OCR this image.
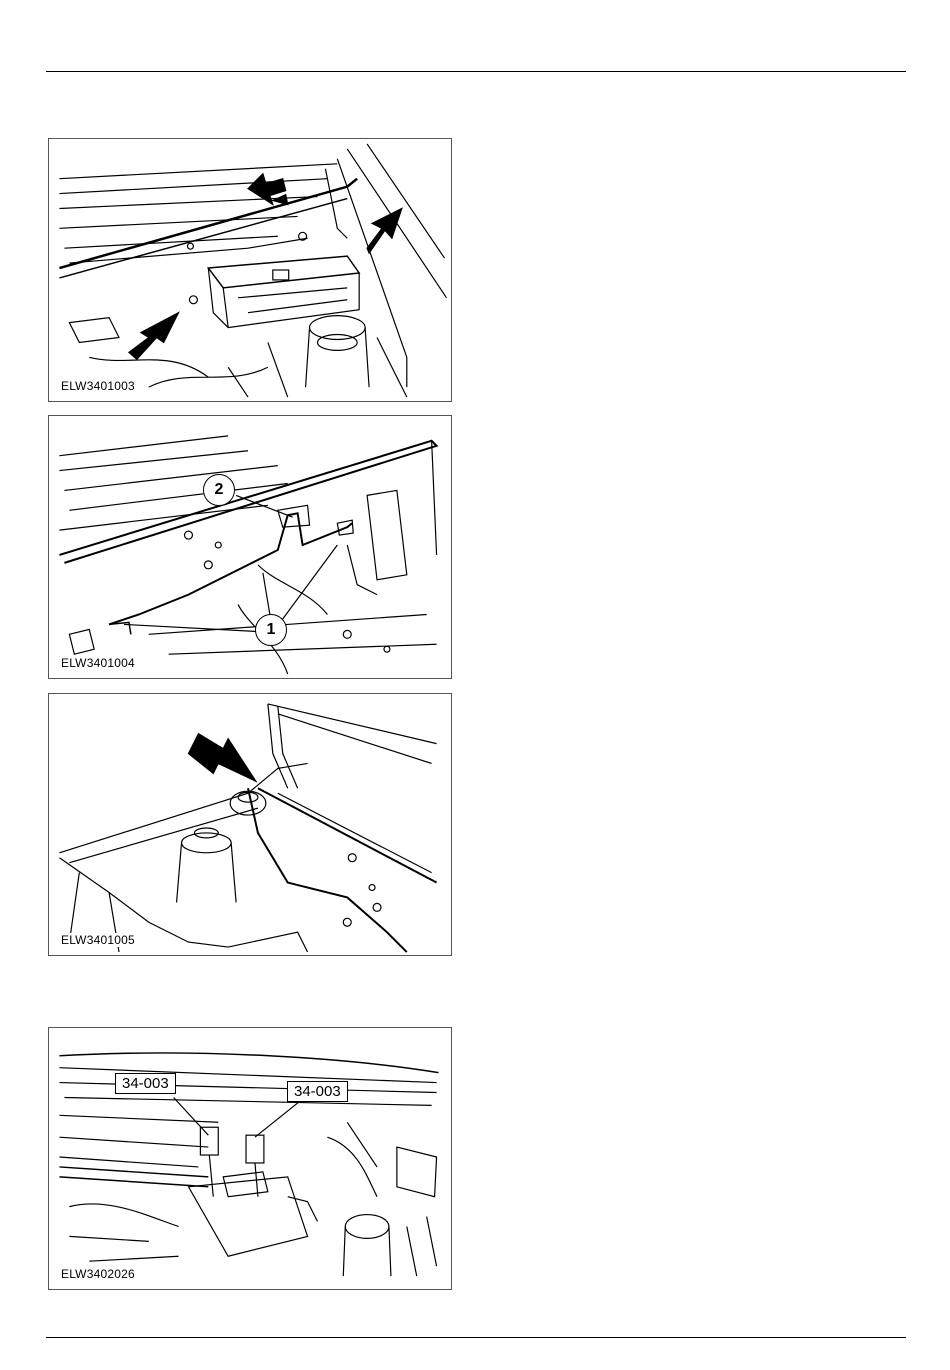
ELW3401003
2
1
ELW3401004
ELW3401005
34-003	34-003
ELW3402026
